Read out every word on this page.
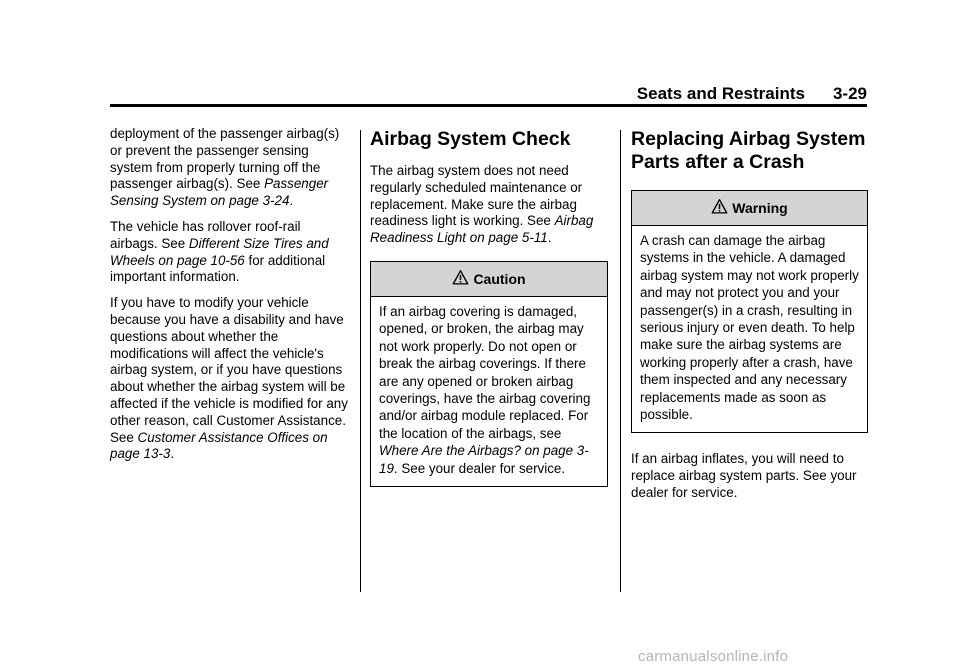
Seats and Restraints 3-29

deployment of the passenger airbag(s) or prevent the passenger sensing system from properly turning off the passenger airbag(s). See Passenger Sensing System on page 3-24.

The vehicle has rollover roof-rail airbags. See Different Size Tires and Wheels on page 10-56 for additional important information.

If you have to modify your vehicle because you have a disability and have questions about whether the modifications will affect the vehicle's airbag system, or if you have questions about whether the airbag system will be affected if the vehicle is modified for any other reason, call Customer Assistance. See Customer Assistance Offices on page 13-3.

Airbag System Check

The airbag system does not need regularly scheduled maintenance or replacement. Make sure the airbag readiness light is working. See Airbag Readiness Light on page 5-11.

Caution
If an airbag covering is damaged, opened, or broken, the airbag may not work properly. Do not open or break the airbag coverings. If there are any opened or broken airbag coverings, have the airbag covering and/or airbag module replaced. For the location of the airbags, see Where Are the Airbags? on page 3-19. See your dealer for service.
Replacing Airbag System Parts after a Crash
Warning
A crash can damage the airbag systems in the vehicle. A damaged airbag system may not work properly and may not protect you and your passenger(s) in a crash, resulting in serious injury or even death. To help make sure the airbag systems are working properly after a crash, have them inspected and any necessary replacements made as soon as possible.

If an airbag inflates, you will need to replace airbag system parts. See your dealer for service.

carmanualsonline.info
